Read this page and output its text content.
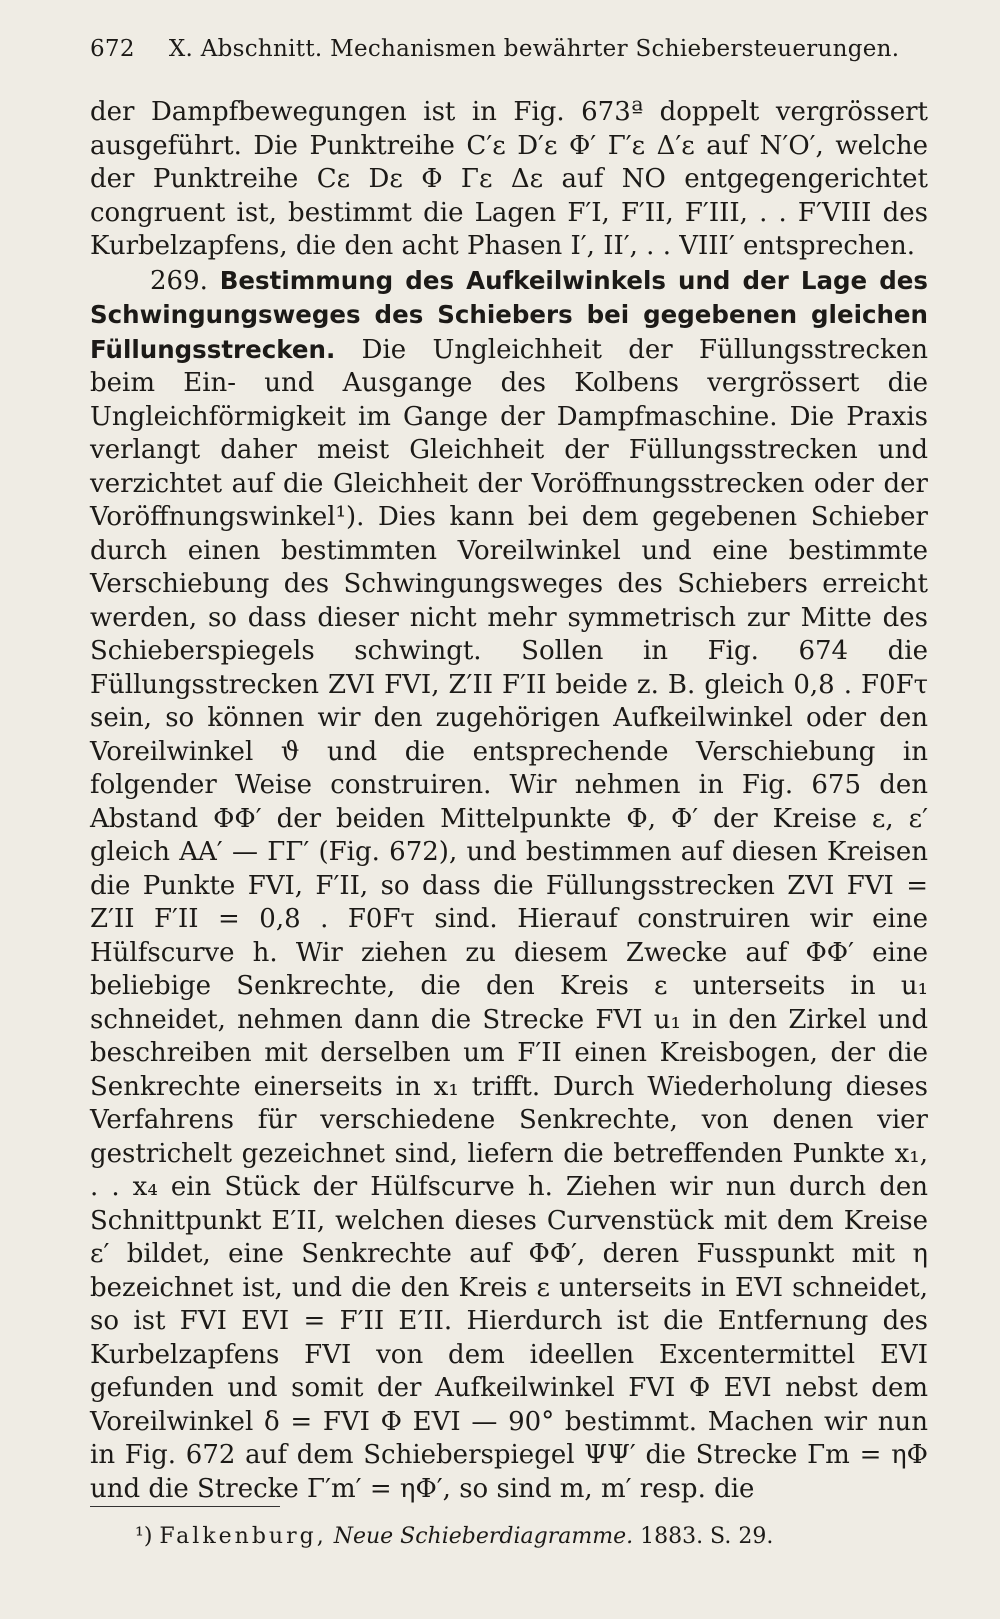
672 X. Abschnitt. Mechanismen bewährter Schiebersteuerungen.

der Dampfbewegungen ist in Fig. 673ª doppelt vergrössert ausgeführt. Die Punktreihe C′ε D′ε Φ′ Γ′ε Δ′ε auf N′O′, welche der Punktreihe Cε Dε Φ Γε Δε auf NO entgegengerichtet congruent ist, bestimmt die Lagen F′I, F′II, F′III, . . F′VIII des Kurbelzapfens, die den acht Phasen I′, II′, . . VIII′ entsprechen.

269. Bestimmung des Aufkeilwinkels und der Lage des Schwingungsweges des Schiebers bei gegebenen gleichen Füllungsstrecken. Die Ungleichheit der Füllungsstrecken beim Ein- und Ausgange des Kolbens vergrössert die Ungleichförmigkeit im Gange der Dampfmaschine. Die Praxis verlangt daher meist Gleichheit der Füllungsstrecken und verzichtet auf die Gleichheit der Voröffnungsstrecken oder der Voröffnungswinkel¹). Dies kann bei dem gegebenen Schieber durch einen bestimmten Voreilwinkel und eine bestimmte Verschiebung des Schwingungsweges des Schiebers erreicht werden, so dass dieser nicht mehr symmetrisch zur Mitte des Schieberspiegels schwingt. Sollen in Fig. 674 die Füllungsstrecken ZVI FVI, Z′II F′II beide z. B. gleich 0,8 . F0Fτ sein, so können wir den zugehörigen Aufkeilwinkel oder den Voreilwinkel ϑ und die entsprechende Verschiebung in folgender Weise construiren. Wir nehmen in Fig. 675 den Abstand ΦΦ′ der beiden Mittelpunkte Φ, Φ′ der Kreise ε, ε′ gleich AA′ — ΓΓ′ (Fig. 672), und bestimmen auf diesen Kreisen die Punkte FVI, F′II, so dass die Füllungsstrecken ZVI FVI = Z′II F′II = 0,8 . F0Fτ sind. Hierauf construiren wir eine Hülfscurve h. Wir ziehen zu diesem Zwecke auf ΦΦ′ eine beliebige Senkrechte, die den Kreis ε unterseits in u₁ schneidet, nehmen dann die Strecke FVI u₁ in den Zirkel und beschreiben mit derselben um F′II einen Kreisbogen, der die Senkrechte einerseits in x₁ trifft. Durch Wiederholung dieses Verfahrens für verschiedene Senkrechte, von denen vier gestrichelt gezeichnet sind, liefern die betreffenden Punkte x₁, . . x₄ ein Stück der Hülfscurve h. Ziehen wir nun durch den Schnittpunkt E′II, welchen dieses Curvenstück mit dem Kreise ε′ bildet, eine Senkrechte auf ΦΦ′, deren Fusspunkt mit η bezeichnet ist, und die den Kreis ε unterseits in EVI schneidet, so ist FVI EVI = F′II E′II. Hierdurch ist die Entfernung des Kurbelzapfens FVI von dem ideellen Excentermittel EVI gefunden und somit der Aufkeilwinkel FVI Φ EVI nebst dem Voreilwinkel δ = FVI Φ EVI — 90° bestimmt. Machen wir nun in Fig. 672 auf dem Schieberspiegel ΨΨ′ die Strecke Γm = ηΦ und die Strecke Γ′m′ = ηΦ′, so sind m, m′ resp. die

¹) Falkenburg, Neue Schieberdiagramme. 1883. S. 29.
